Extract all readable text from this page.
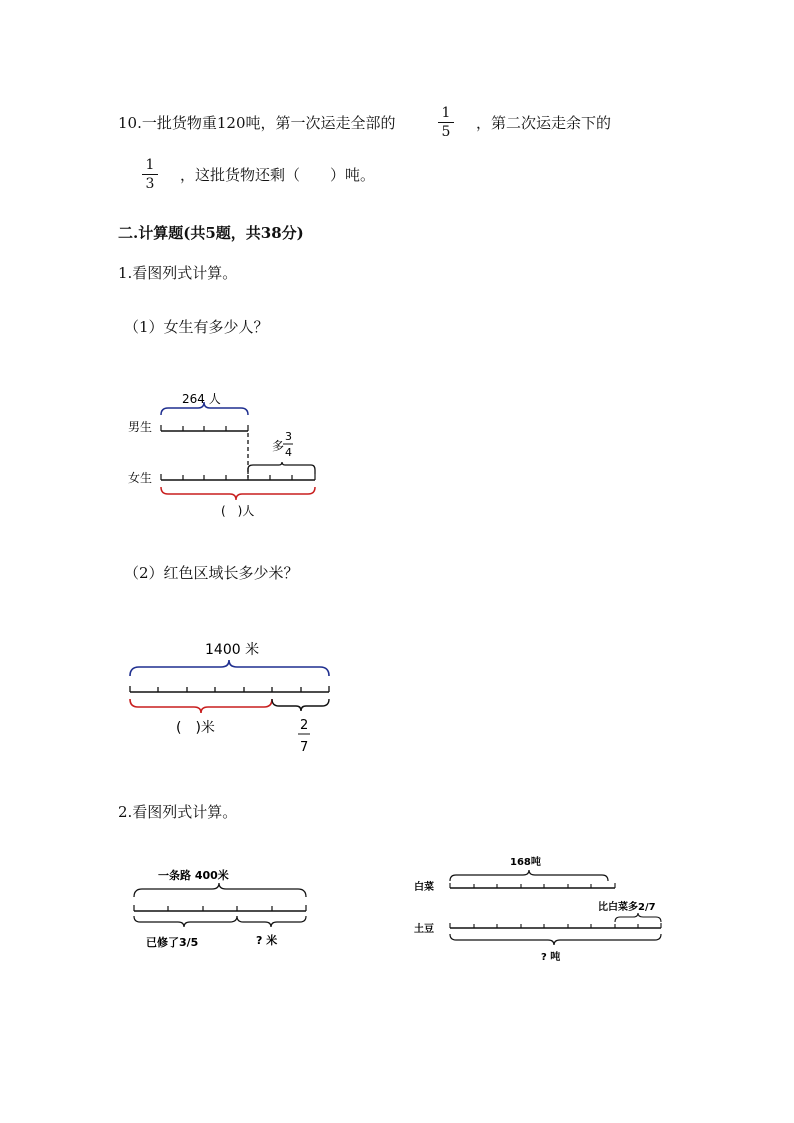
10.一批货物重120吨，第一次运走全部的
1
5 ，第二次运走余下的
1
3 ，这批货物还剩（　　）吨。
二.计算题(共5题，共38分)
1.看图列式计算。
（1）女生有多少人？
264 人
男生
多
3
4
女生
(　)人
（2）红色区域长多少米？
1400 米
(　)米	2
7
2.看图列式计算。
一条路 400米
已修了3/5	? 米
168吨
白菜
比白菜多2/7
土豆
? 吨
